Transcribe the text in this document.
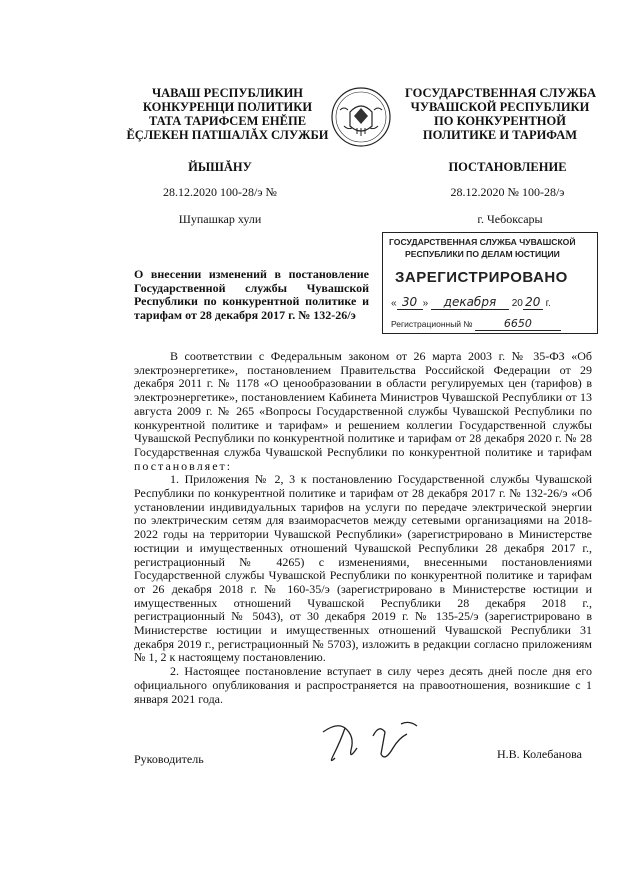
ЧАВАШ РЕСПУБЛИКИН
КОНКУРЕНЦИ ПОЛИТИКИ
ТАТА ТАРИФСЕМ ЕНĔПЕ
ĔÇЛЕКЕН ПАТШАЛĂХ СЛУЖБИ
ГОСУДАРСТВЕННАЯ СЛУЖБА
ЧУВАШСКОЙ РЕСПУБЛИКИ
ПО КОНКУРЕНТНОЙ
ПОЛИТИКЕ И ТАРИФАМ
ЙЫШĂНУ	ПОСТАНОВЛЕНИЕ
28.12.2020 100-28/э №	28.12.2020 № 100-28/э
Шупашкар хули	г. Чебоксары
ГОСУДАРСТВЕННАЯ СЛУЖБА ЧУВАШСКОЙ
РЕСПУБЛИКИ ПО ДЕЛАМ ЮСТИЦИИ
ЗАРЕГИСТРИРОВАНО
« 30 » декабря 20 20 г.
Регистрационный №	6650
О внесении изменений в постановление Государственной службы Чувашской Республики по конкурентной политике и тарифам от 28 декабря 2017 г. № 132-26/э

В соответствии с Федеральным законом от 26 марта 2003 г. № 35-ФЗ «Об электроэнергетике», постановлением Правительства Российской Федерации от 29 декабря 2011 г. № 1178 «О ценообразовании в области регулируемых цен (тарифов) в электроэнергетике», постановлением Кабинета Министров Чувашской Республики от 13 августа 2009 г. № 265 «Вопросы Государственной службы Чувашской Республики по конкурентной политике и тарифам» и решением коллегии Государственной службы Чувашской Республики по конкурентной политике и тарифам от 28 декабря 2020 г. № 28 Государственная служба Чувашской Республики по конкурентной политике и тарифам постановляет:

1. Приложения № 2, 3 к постановлению Государственной службы Чувашской Республики по конкурентной политике и тарифам от 28 декабря 2017 г. № 132-26/э «Об установлении индивидуальных тарифов на услуги по передаче электрической энергии по электрическим сетям для взаиморасчетов между сетевыми организациями на 2018-2022 годы на территории Чувашской Республики» (зарегистрировано в Министерстве юстиции и имущественных отношений Чувашской Республики 28 декабря 2017 г., регистрационный № 4265) с изменениями, внесенными постановлениями Государственной службы Чувашской Республики по конкурентной политике и тарифам от 26 декабря 2018 г. № 160-35/э (зарегистрировано в Министерстве юстиции и имущественных отношений Чувашской Республики 28 декабря 2018 г., регистрационный № 5043), от 30 декабря 2019 г. № 135-25/э (зарегистрировано в Министерстве юстиции и имущественных отношений Чувашской Республики 31 декабря 2019 г., регистрационный № 5703), изложить в редакции согласно приложениям № 1, 2 к настоящему постановлению.

2. Настоящее постановление вступает в силу через десять дней после дня его официального опубликования и распространяется на правоотношения, возникшие с 1 января 2021 года.

Руководитель	Н.В. Колебанова
